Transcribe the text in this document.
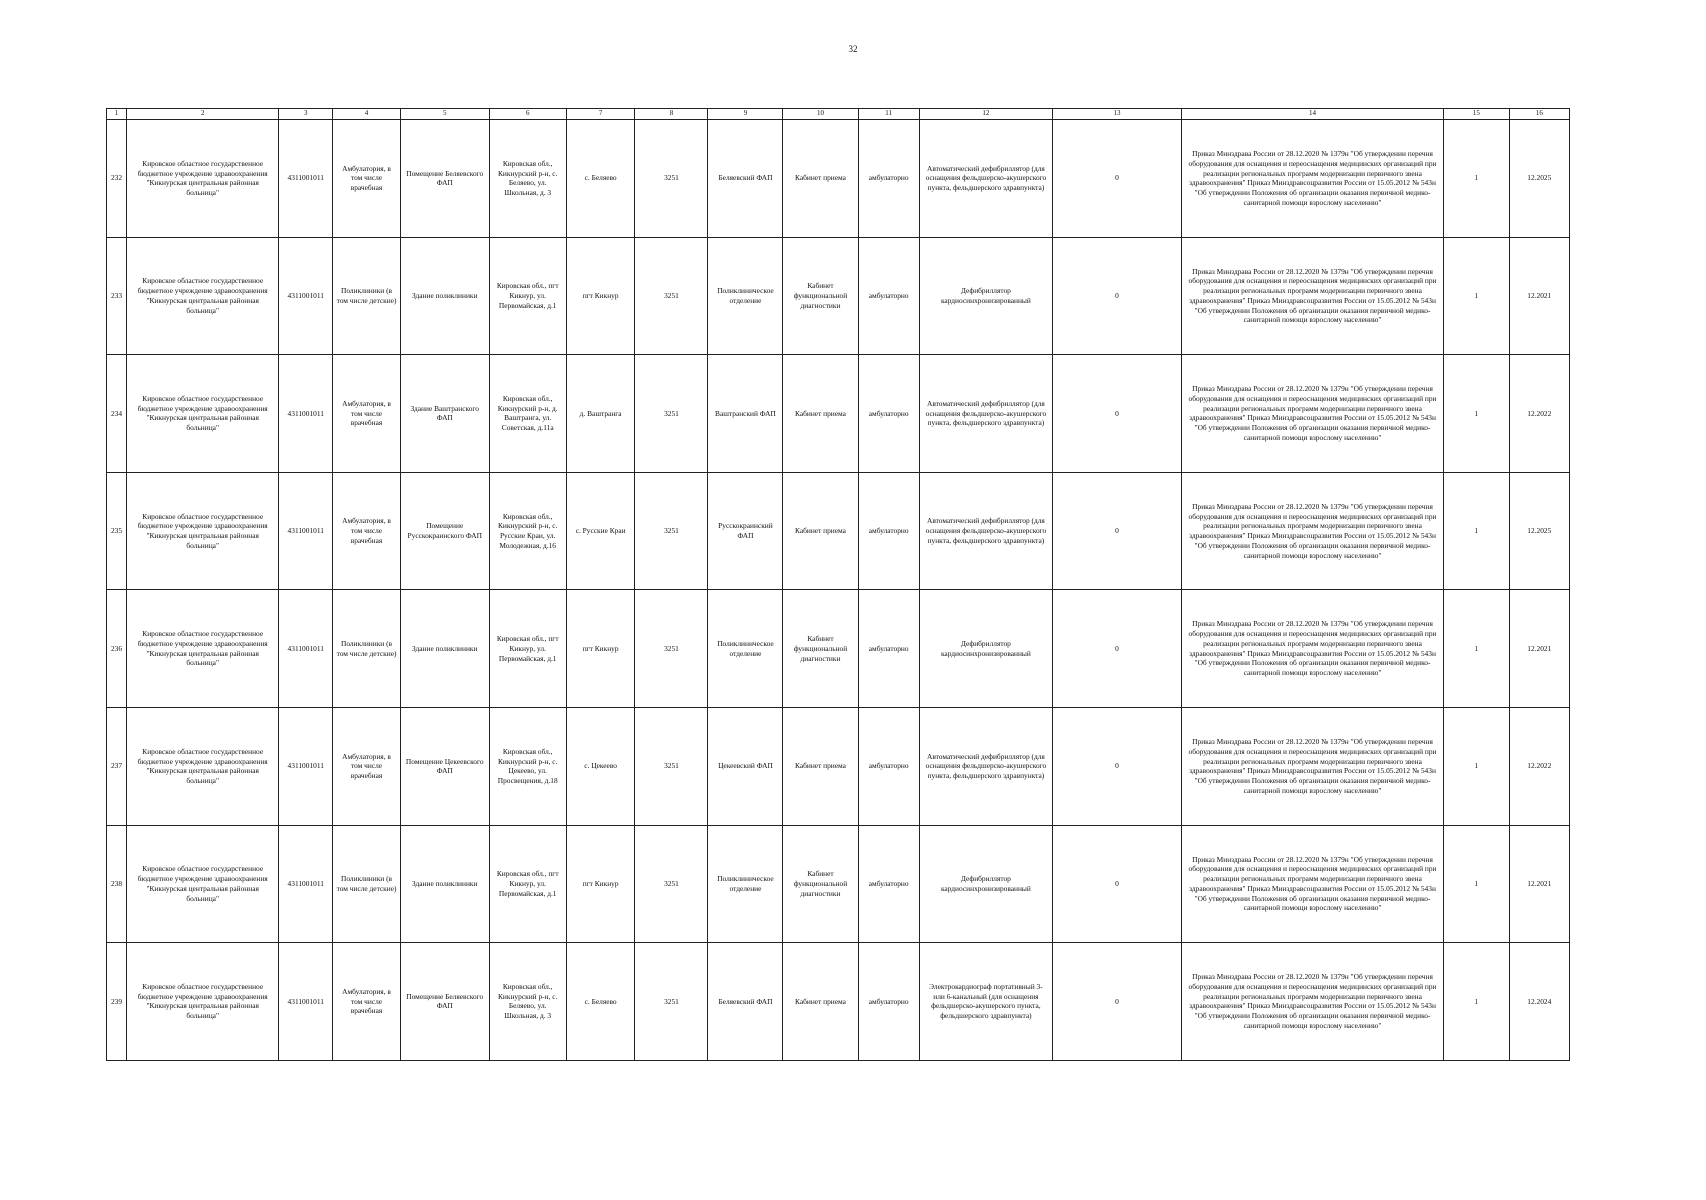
32
1	2	3	4	5	6	7	8	9	10	11	12	13	14	15	16
232	Кировское областное государственное бюджетное учреждение здравоохранения "Кикнурская центральная районная больница"	4311001011	Амбулатория, в том числе врачебная	Помещение Беляевского ФАП	Кировская обл., Кикнурский р-н, с. Беляево, ул. Школьная, д. 3	с. Беляево	3251	Беляевский ФАП	Кабинет приема	амбулаторно	Автоматический дефибриллятор (для оснащения фельдшерско-акушерского пункта, фельдшерского здравпункта)	0	Приказ Минздрава России от 28.12.2020 № 1379н "Об утверждении перечня оборудования для оснащения и переоснащения медицинских организаций при реализации региональных программ модернизации первичного звена здравоохранения" Приказ Минздравсоцразвития России от 15.05.2012 № 543н "Об утверждении Положения об организации оказания первичной медико-санитарной помощи взрослому населению"	1	12.2025
233	Кировское областное государственное бюджетное учреждение здравоохранения "Кикнурская центральная районная больница"	4311001011	Поликлиники (в том числе детские)	Здание поликлиники	Кировская обл., пгт Кикнур, ул. Первомайская, д.1	пгт Кикнур	3251	Поликлиническое отделение	Кабинет функциональной диагностики	амбулаторно	Дефибриллятор кардиосинхронизированный	0	Приказ Минздрава России от 28.12.2020 № 1379н "Об утверждении перечня оборудования для оснащения и переоснащения медицинских организаций при реализации региональных программ модернизации первичного звена здравоохранения" Приказ Минздравсоцразвития России от 15.05.2012 № 543н "Об утверждении Положения об организации оказания первичной медико-санитарной помощи взрослому населению"	1	12.2021
234	Кировское областное государственное бюджетное учреждение здравоохранения "Кикнурская центральная районная больница"	4311001011	Амбулатория, в том числе врачебная	Здание Ваштранского ФАП	Кировская обл., Кикнурский р-н, д. Ваштранга, ул. Советская, д.11а	д. Ваштранга	3251	Ваштранский ФАП	Кабинет приема	амбулаторно	Автоматический дефибриллятор (для оснащения фельдшерско-акушерского пункта, фельдшерского здравпункта)	0	Приказ Минздрава России от 28.12.2020 № 1379н "Об утверждении перечня оборудования для оснащения и переоснащения медицинских организаций при реализации региональных программ модернизации первичного звена здравоохранения" Приказ Минздравсоцразвития России от 15.05.2012 № 543н "Об утверждении Положения об организации оказания первичной медико-санитарной помощи взрослому населению"	1	12.2022
235	Кировское областное государственное бюджетное учреждение здравоохранения "Кикнурская центральная районная больница"	4311001011	Амбулатория, в том числе врачебная	Помещение Русскокраинского ФАП	Кировская обл., Кикнурский р-н, с. Русские Краи, ул. Молодежная, д.16	с. Русские Краи	3251	Русскокраинский ФАП	Кабинет приема	амбулаторно	Автоматический дефибриллятор (для оснащения фельдшерско-акушерского пункта, фельдшерского здравпункта)	0	Приказ Минздрава России от 28.12.2020 № 1379н "Об утверждении перечня оборудования для оснащения и переоснащения медицинских организаций при реализации региональных программ модернизации первичного звена здравоохранения" Приказ Минздравсоцразвития России от 15.05.2012 № 543н "Об утверждении Положения об организации оказания первичной медико-санитарной помощи взрослому населению"	1	12.2025
236	Кировское областное государственное бюджетное учреждение здравоохранения "Кикнурская центральная районная больница"	4311001011	Поликлиники (в том числе детские)	Здание поликлиники	Кировская обл., пгт Кикнур, ул. Первомайская, д.1	пгт Кикнур	3251	Поликлиническое отделение	Кабинет функциональной диагностики	амбулаторно	Дефибриллятор кардиосинхронизированный	0	Приказ Минздрава России от 28.12.2020 № 1379н "Об утверждении перечня оборудования для оснащения и переоснащения медицинских организаций при реализации региональных программ модернизации первичного звена здравоохранения" Приказ Минздравсоцразвития России от 15.05.2012 № 543н "Об утверждении Положения об организации оказания первичной медико-санитарной помощи взрослому населению"	1	12.2021
237	Кировское областное государственное бюджетное учреждение здравоохранения "Кикнурская центральная районная больница"	4311001011	Амбулатория, в том числе врачебная	Помещение Цекеевского ФАП	Кировская обл., Кикнурский р-н, с. Цекеево, ул. Просвещения, д.18	с. Цекеево	3251	Цекеевский ФАП	Кабинет приема	амбулаторно	Автоматический дефибриллятор (для оснащения фельдшерско-акушерского пункта, фельдшерского здравпункта)	0	Приказ Минздрава России от 28.12.2020 № 1379н "Об утверждении перечня оборудования для оснащения и переоснащения медицинских организаций при реализации региональных программ модернизации первичного звена здравоохранения" Приказ Минздравсоцразвития России от 15.05.2012 № 543н "Об утверждении Положения об организации оказания первичной медико-санитарной помощи взрослому населению"	1	12.2022
238	Кировское областное государственное бюджетное учреждение здравоохранения "Кикнурская центральная районная больница"	4311001011	Поликлиники (в том числе детские)	Здание поликлиники	Кировская обл., пгт Кикнур, ул. Первомайская, д.1	пгт Кикнур	3251	Поликлиническое отделение	Кабинет функциональной диагностики	амбулаторно	Дефибриллятор кардиосинхронизированный	0	Приказ Минздрава России от 28.12.2020 № 1379н "Об утверждении перечня оборудования для оснащения и переоснащения медицинских организаций при реализации региональных программ модернизации первичного звена здравоохранения" Приказ Минздравсоцразвития России от 15.05.2012 № 543н "Об утверждении Положения об организации оказания первичной медико-санитарной помощи взрослому населению"	1	12.2021
239	Кировское областное государственное бюджетное учреждение здравоохранения "Кикнурская центральная районная больница"	4311001011	Амбулатория, в том числе врачебная	Помещение Беляевского ФАП	Кировская обл., Кикнурский р-н, с. Беляево, ул. Школьная, д. 3	с. Беляево	3251	Беляевский ФАП	Кабинет приема	амбулаторно	Электрокардиограф портативный 3- или 6-канальный (для оснащения фельдшерско-акушерского пункта, фельдшерского здравпункта)	0	Приказ Минздрава России от 28.12.2020 № 1379н "Об утверждении перечня оборудования для оснащения и переоснащения медицинских организаций при реализации региональных программ модернизации первичного звена здравоохранения" Приказ Минздравсоцразвития России от 15.05.2012 № 543н "Об утверждении Положения об организации оказания первичной медико-санитарной помощи взрослому населению"	1	12.2024
